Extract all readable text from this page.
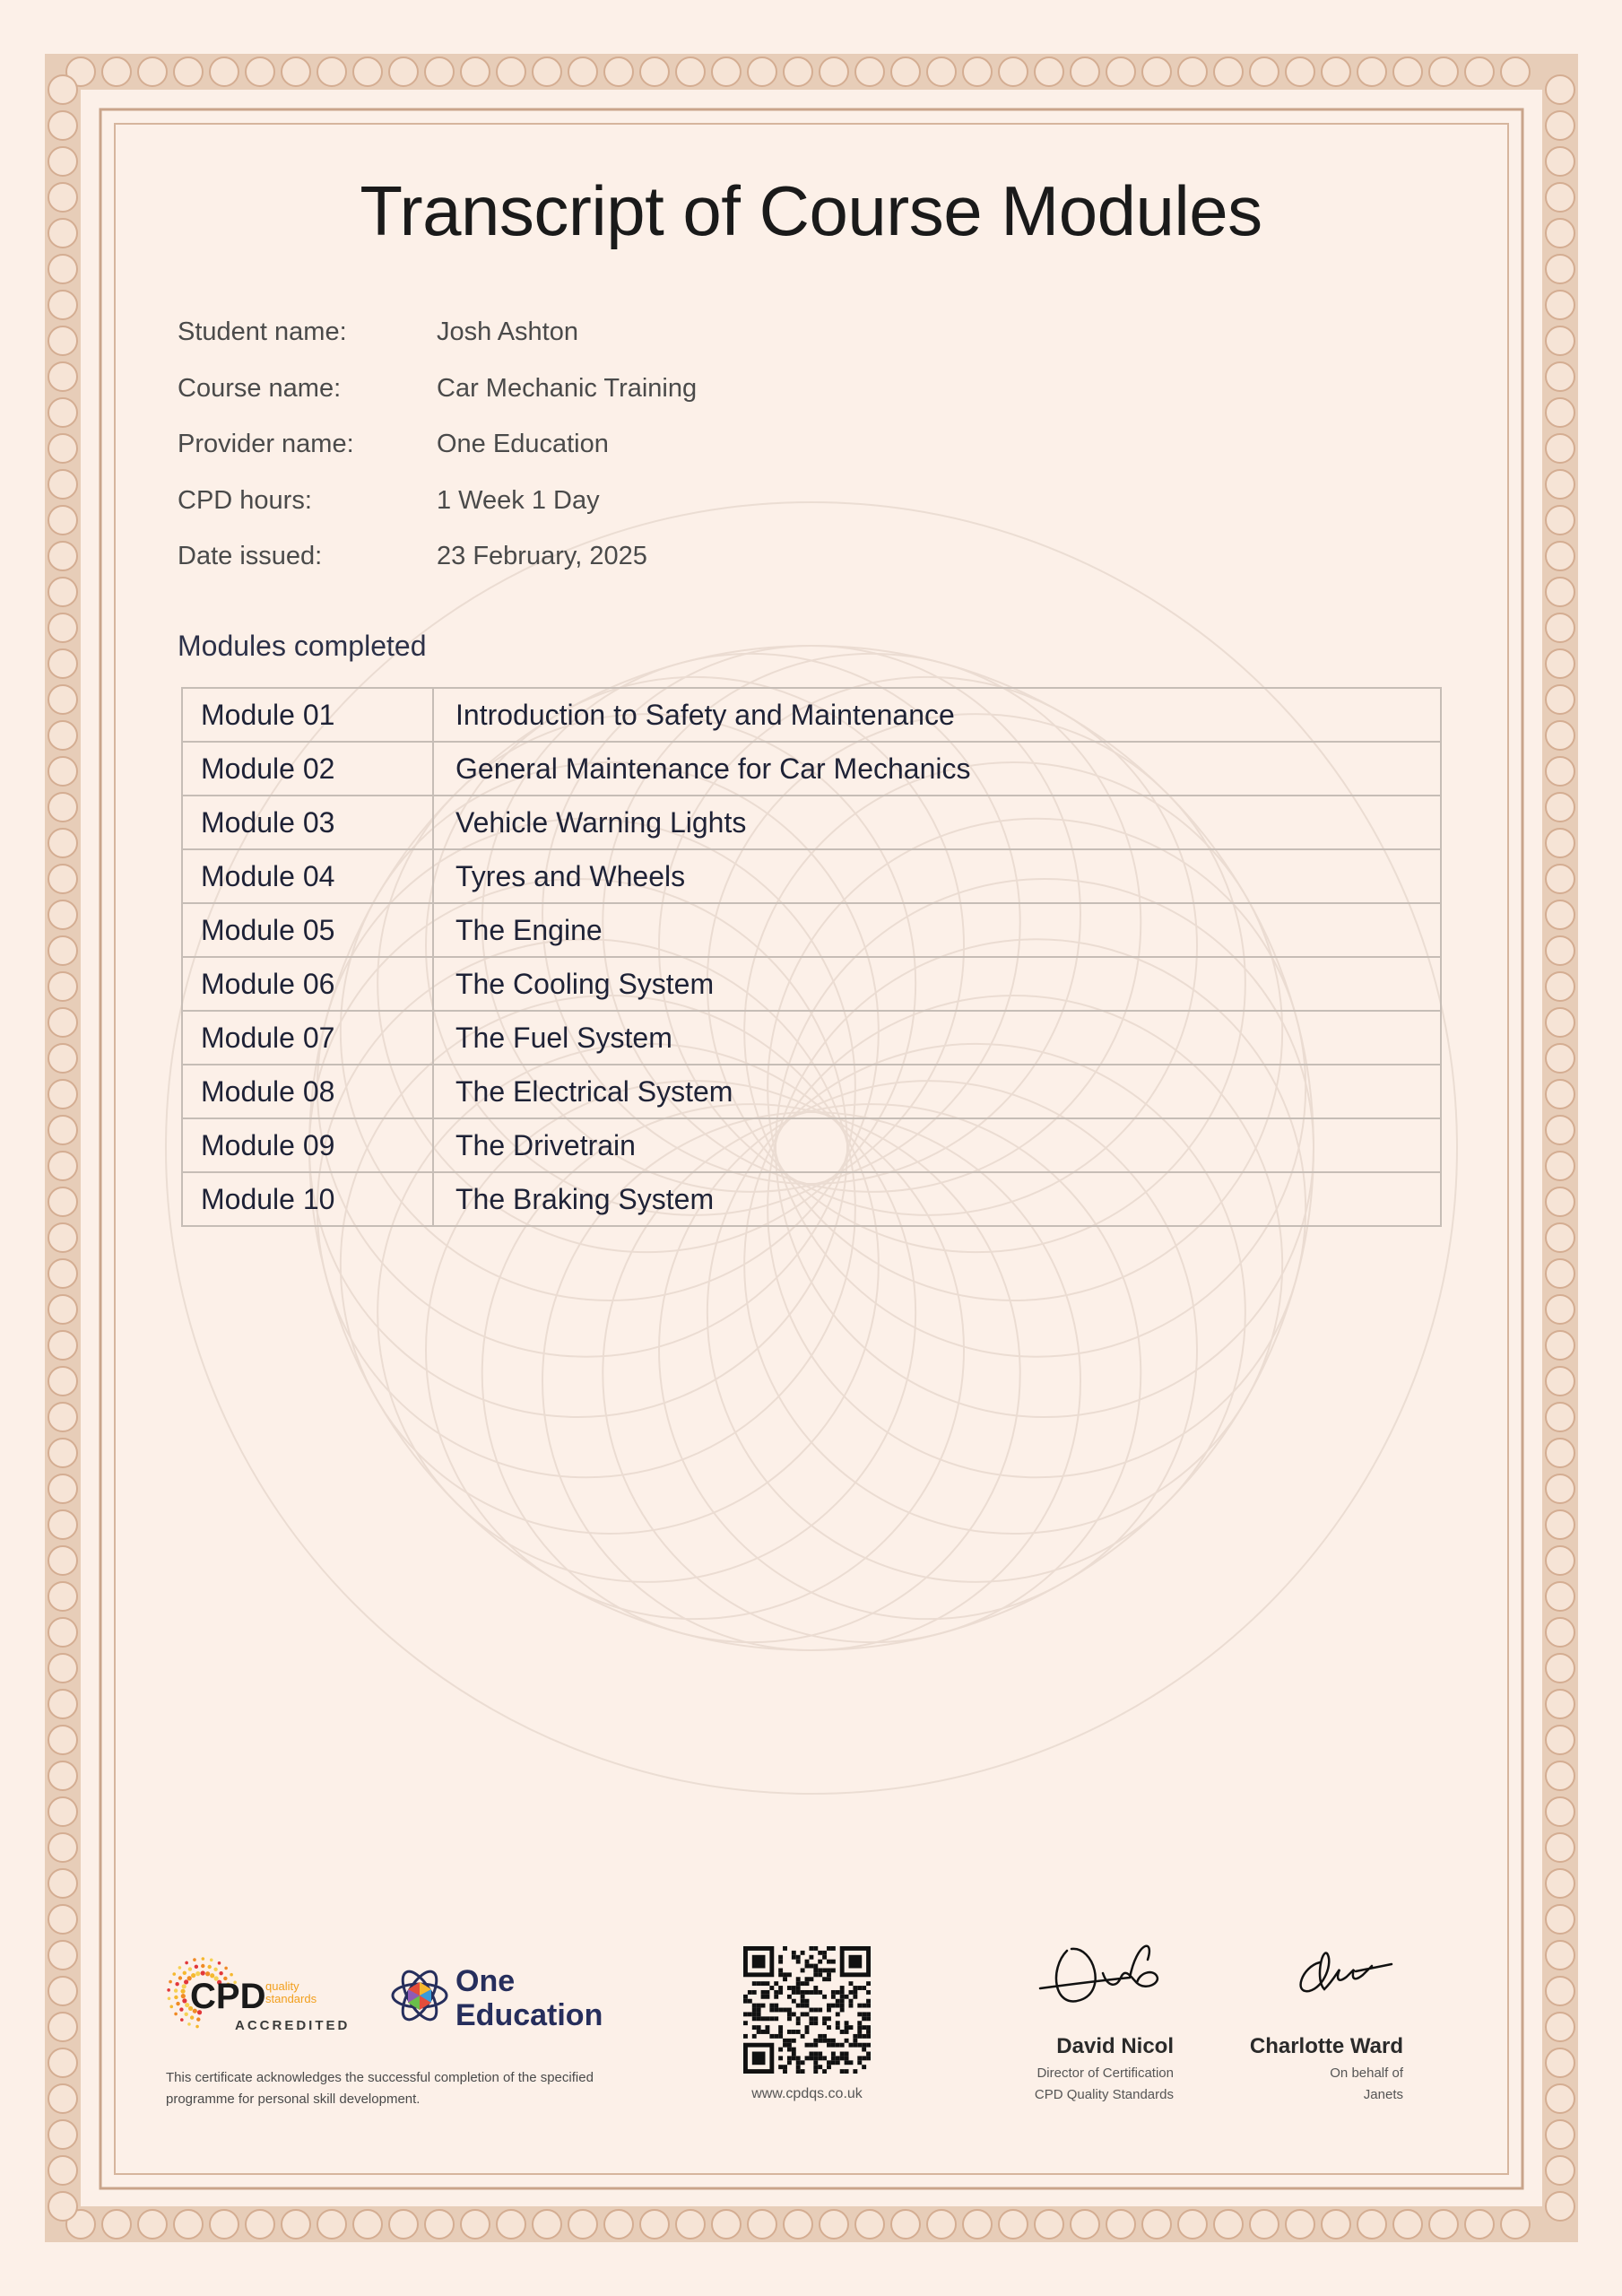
Transcript of Course Modules
Student name:	Josh Ashton
Course name:	Car Mechanic Training
Provider name:	One Education
CPD hours:	1 Week 1 Day
Date issued:	23 February, 2025
Modules completed
Module 01	Introduction to Safety and Maintenance
Module 02	General Maintenance for Car Mechanics
Module 03	Vehicle Warning Lights
Module 04	Tyres and Wheels
Module 05	The Engine
Module 06	The Cooling System
Module 07	The Fuel System
Module 08	The Electrical System
Module 09	The Drivetrain
Module 10	The Braking System
CPD quality
standards
ACCREDITED
One
Education
This certificate acknowledges the successful completion of the specified programme for personal skill development.	www.cpdqs.co.uk
David Nicol
Director of Certification
CPD Quality Standards
Charlotte Ward
On behalf of
Janets
